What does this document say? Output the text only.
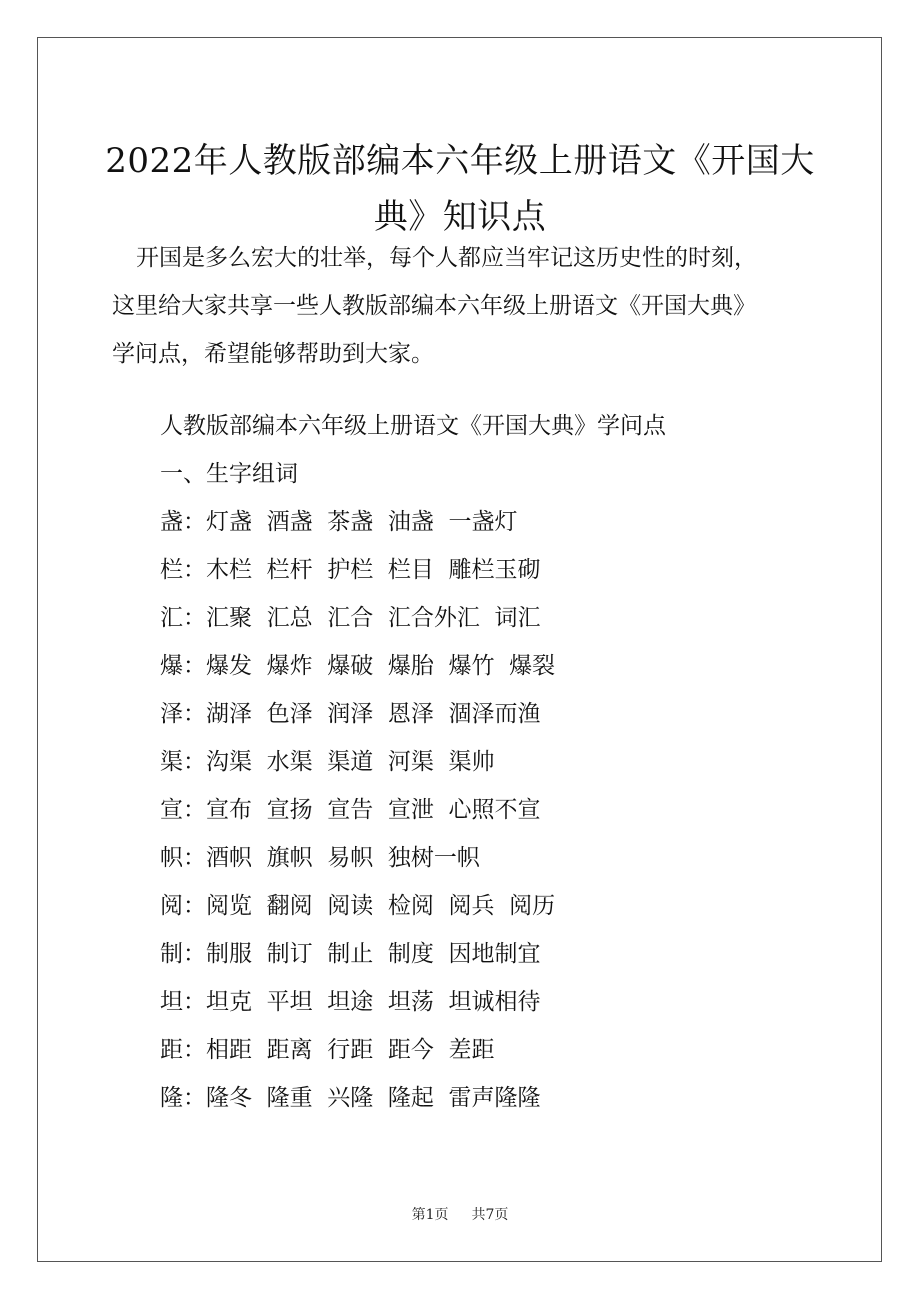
2022年人教版部编本六年级上册语文《开国大
典》知识点
开国是多么宏大的壮举，每个人都应当牢记这历史性的时刻，
这里给大家共享一些人教版部编本六年级上册语文《开国大典》
学问点，希望能够帮助到大家。
人教版部编本六年级上册语文《开国大典》学问点
一、生字组词
盏：灯盏  酒盏  茶盏  油盏  一盏灯
栏：木栏  栏杆  护栏  栏目  雕栏玉砌
汇：汇聚  汇总  汇合  汇合外汇  词汇
爆：爆发  爆炸  爆破  爆胎  爆竹  爆裂
泽：湖泽  色泽  润泽  恩泽  涸泽而渔
渠：沟渠  水渠  渠道  河渠  渠帅
宣：宣布  宣扬  宣告  宣泄  心照不宣
帜：酒帜  旗帜  易帜  独树一帜
阅：阅览  翻阅  阅读  检阅  阅兵  阅历
制：制服  制订  制止  制度  因地制宜
坦：坦克  平坦  坦途  坦荡  坦诚相待
距：相距  距离  行距  距今  差距
隆：隆冬  隆重  兴隆  隆起  雷声隆隆
第1页 共7页
